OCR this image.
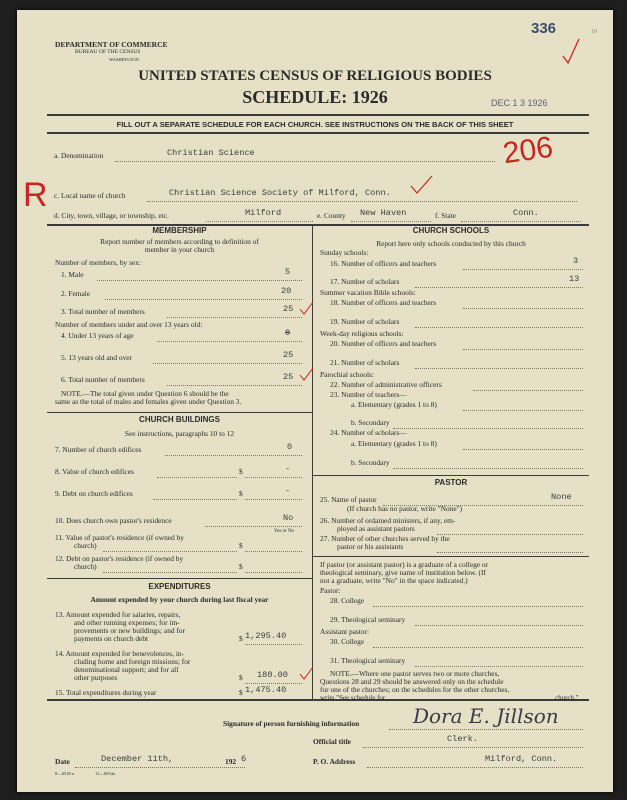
DEPARTMENT OF COMMERCE
BUREAU OF THE CENSUS
WASHINGTON
UNITED STATES CENSUS OF RELIGIOUS BODIES
SCHEDULE: 1926	DEC 1 3 1926
336	10
FILL OUT A SEPARATE SCHEDULE FOR EACH CHURCH. SEE INSTRUCTIONS ON THE BACK OF THIS SHEET
206
R
a. Denomination	Christian Science
c. Local name of church	Christian Science Society of Milford, Conn.
d. City, town, village, or township, etc.	Milford	e. County New Haven	f. State	Conn.
MEMBERSHIP
Report number of members according to definition of
member in your church
Number of members, by sex:
1. Male	5
2. Female	20
3. Total number of members	25
Number of members under and over 13 years old:
4. Under 13 years of age	0
5. 13 years old and over	25
6. Total number of members	25
NOTE.—The total given under Question 6 should be the
same as the total of males and females given under Question 3.
CHURCH BUILDINGS
See instructions, paragraphs 10 to 12
7. Number of church edifices	0
8. Value of church edifices	$	-
9. Debt on church edifices	$	-
10. Does church own pastor's residence	No
Yes or No
11. Value of pastor's residence (if owned by
church)	$
12. Debt on pastor's residence (if owned by
church)	$
EXPENDITURES
Amount expended by your church during last fiscal year
13. Amount expended for salaries, repairs,
and other running expenses; for im-
provements or new buildings; and for
payments on church debt	$ 1,295.40
14. Amount expended for benevolences, in-
cluding home and foreign missions; for
denominational support; and for all
other purposes	$ 180.00
15. Total expenditures during year	$ 1,475.40
CHURCH SCHOOLS
Report here only schools conducted by this church
Sunday schools:
16. Number of officers and teachers	3
17. Number of scholars	13
Summer vacation Bible schools:
18. Number of officers and teachers
19. Number of scholars
Week-day religious schools:
20. Number of officers and teachers
21. Number of scholars
Parochial schools:
22. Number of administrative officers
23. Number of teachers—
a. Elementary (grades 1 to 8)
b. Secondary
24. Number of scholars—
a. Elementary (grades 1 to 8)
b. Secondary
PASTOR
25. Name of pastor	None
(If church has no pastor, write "None")
26. Number of ordained ministers, if any, em-
ployed as assistant pastors
27. Number of other churches served by the
pastor or his assistants
If pastor (or assistant pastor) is a graduate of a college or
theological seminary, give name of institution below. (If
not a graduate, write "No" in the space indicated.)
Pastor:
28. College
29. Theological seminary
Assistant pastor:
30. College
31. Theological seminary
NOTE.—Where one pastor serves two or more churches,
Questions 28 and 29 should be answered only on the schedule
for one of the churches; on the schedules for the other churches,
write "See schedule for	church."
Signature of person furnishing information	Dora E. Jillson
Official title	Clerk.
Date	December 11th,	192 6
8—6518 a	11—6034a
P. O. Address	Milford, Conn.
